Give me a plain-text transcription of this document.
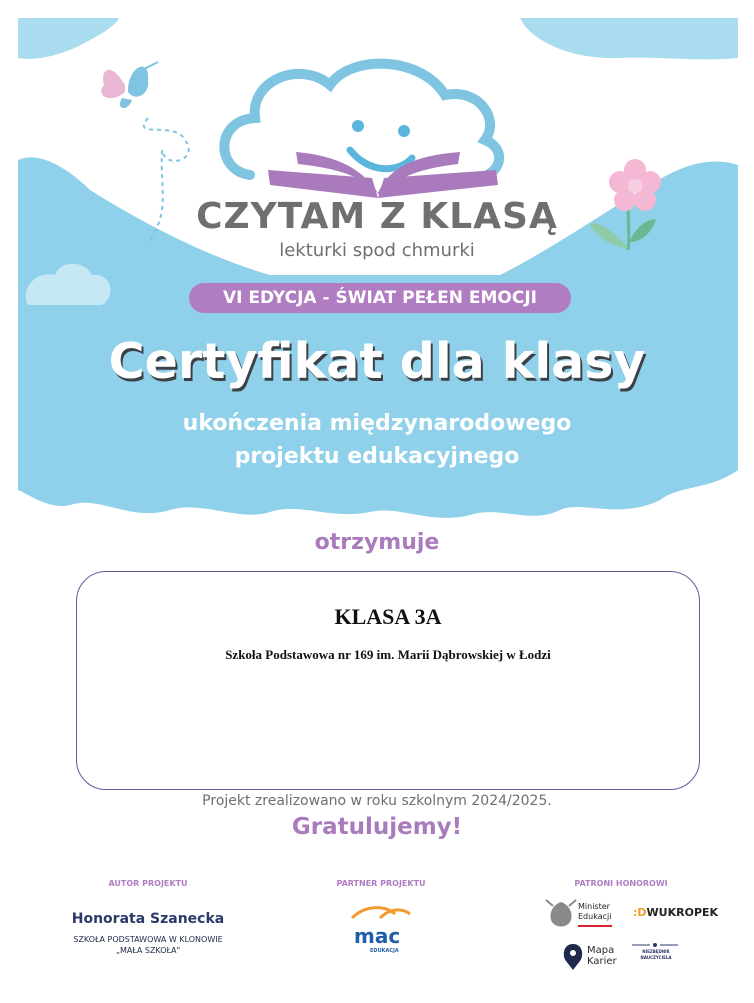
CZYTAM Z KLASĄ
lekturki spod chmurki
VI EDYCJA - ŚWIAT PEŁEN EMOCJI
Certyfikat dla klasy
ukończenia międzynarodowego
projektu edukacyjnego
otrzymuje
KLASA 3A
Szkoła Podstawowa nr 169 im. Marii Dąbrowskiej w Łodzi
Projekt zrealizowano w roku szkolnym 2024/2025.
Gratulujemy!
AUTOR PROJEKTU
Honorata Szanecka
SZKOŁA PODSTAWOWA W KLONOWIE
„MAŁA SZKOŁA"
PARTNER PROJEKTU
mac
EDUKACJA
PATRONI HONOROWI
Minister
Edukacji :DWUKROPEK
Mapa
Karier
NIEZBĘDNIK
NAUCZYCIELA
